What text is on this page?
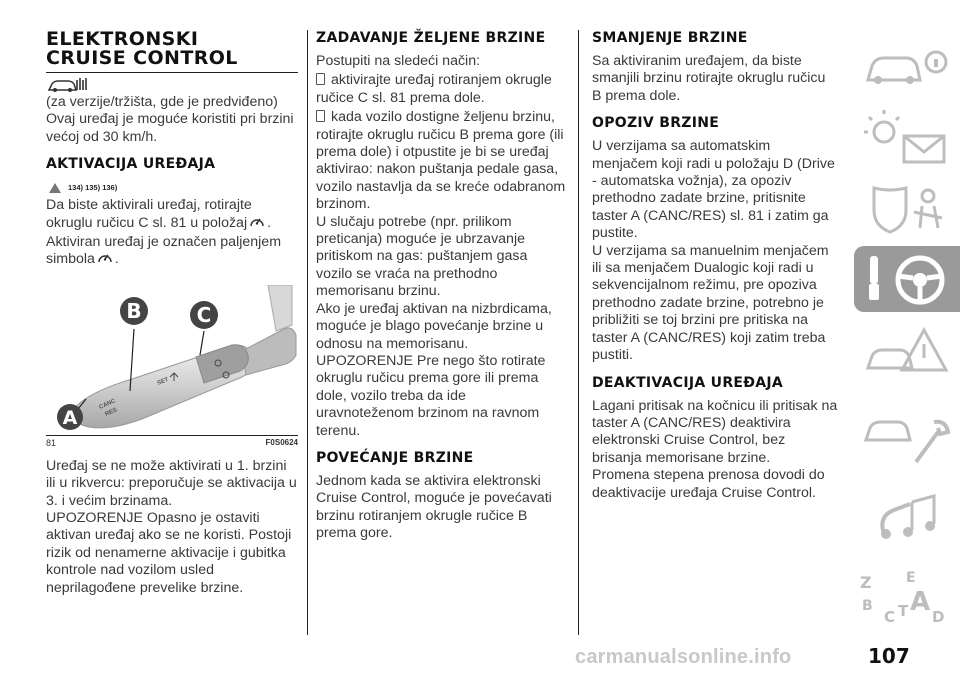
ELEKTRONSKI
CRUISE CONTROL

(za verzije/tržišta, gde je predviđeno)

Ovaj uređaj je moguće koristiti pri brzini većoj od 30 km/h.

AKTIVACIJA UREĐAJA
134) 135) 136)

Da biste aktivirali uređaj, rotirajte okruglu ručicu C sl. 81 u položaj . Aktiviran uređaj je označen paljenjem simbola .

CANC
RES
SET
B	C
A
81	F0S0624

Uređaj se ne može aktivirati u 1. brzini ili u rikvercu: preporučuje se aktivacija u 3. i većim brzinama.

UPOZORENJE Opasno je ostaviti aktivan uređaj ako se ne koristi. Postoji rizik od nenamerne aktivacije i gubitka kontrole nad vozilom usled neprilagođene prevelike brzine.

ZADAVANJE ŽELJENE BRZINE

Postupiti na sledeći način:

aktivirajte uređaj rotiranjem okrugle ručice C sl. 81 prema dole.

kada vozilo dostigne željenu brzinu, rotirajte okruglu ručicu B prema gore (ili prema dole) i otpustite je bi se uređaj aktivirao: nakon puštanja pedale gasa, vozilo nastavlja da se kreće odabranom brzinom.

U slučaju potrebe (npr. prilikom preticanja) moguće je ubrzavanje pritiskom na gas: puštanjem gasa vozilo se vraća na prethodno memorisanu brzinu.

Ako je uređaj aktivan na nizbrdicama, moguće je blago povećanje brzine u odnosu na memorisanu.

UPOZORENJE Pre nego što rotirate okruglu ručicu prema gore ili prema dole, vozilo treba da ide uravnoteženom brzinom na ravnom terenu.

POVEĆANJE BRZINE

Jednom kada se aktivira elektronski Cruise Control, moguće je povećavati brzinu rotiranjem okrugle ručice B prema gore.

SMANJENJE BRZINE

Sa aktiviranim uređajem, da biste smanjili brzinu rotirajte okruglu ručicu B prema dole.

OPOZIV BRZINE

U verzijama sa automatskim menjačem koji radi u položaju D (Drive - automatska vožnja), za opoziv prethodno zadate brzine, pritisnite taster A (CANC/RES) sl. 81 i zatim ga pustite.

U verzijama sa manuelnim menjačem ili sa menjačem Dualogic koji radi u sekvencijalnom režimu, pre opoziva prethodno zadate brzine, potrebno je približiti se toj brzini pre pritiska na taster A (CANC/RES) koji zatim treba pustiti.

DEAKTIVACIJA UREĐAJA

Lagani pritisak na kočnicu ili pritisak na taster A (CANC/RES) deaktivira elektronski Cruise Control, bez brisanja memorisane brzine.

Promena stepena prenosa dovodi do deaktivacije uređaja Cruise Control.

Z E
B
C T A D
107
carmanualsonline.info
